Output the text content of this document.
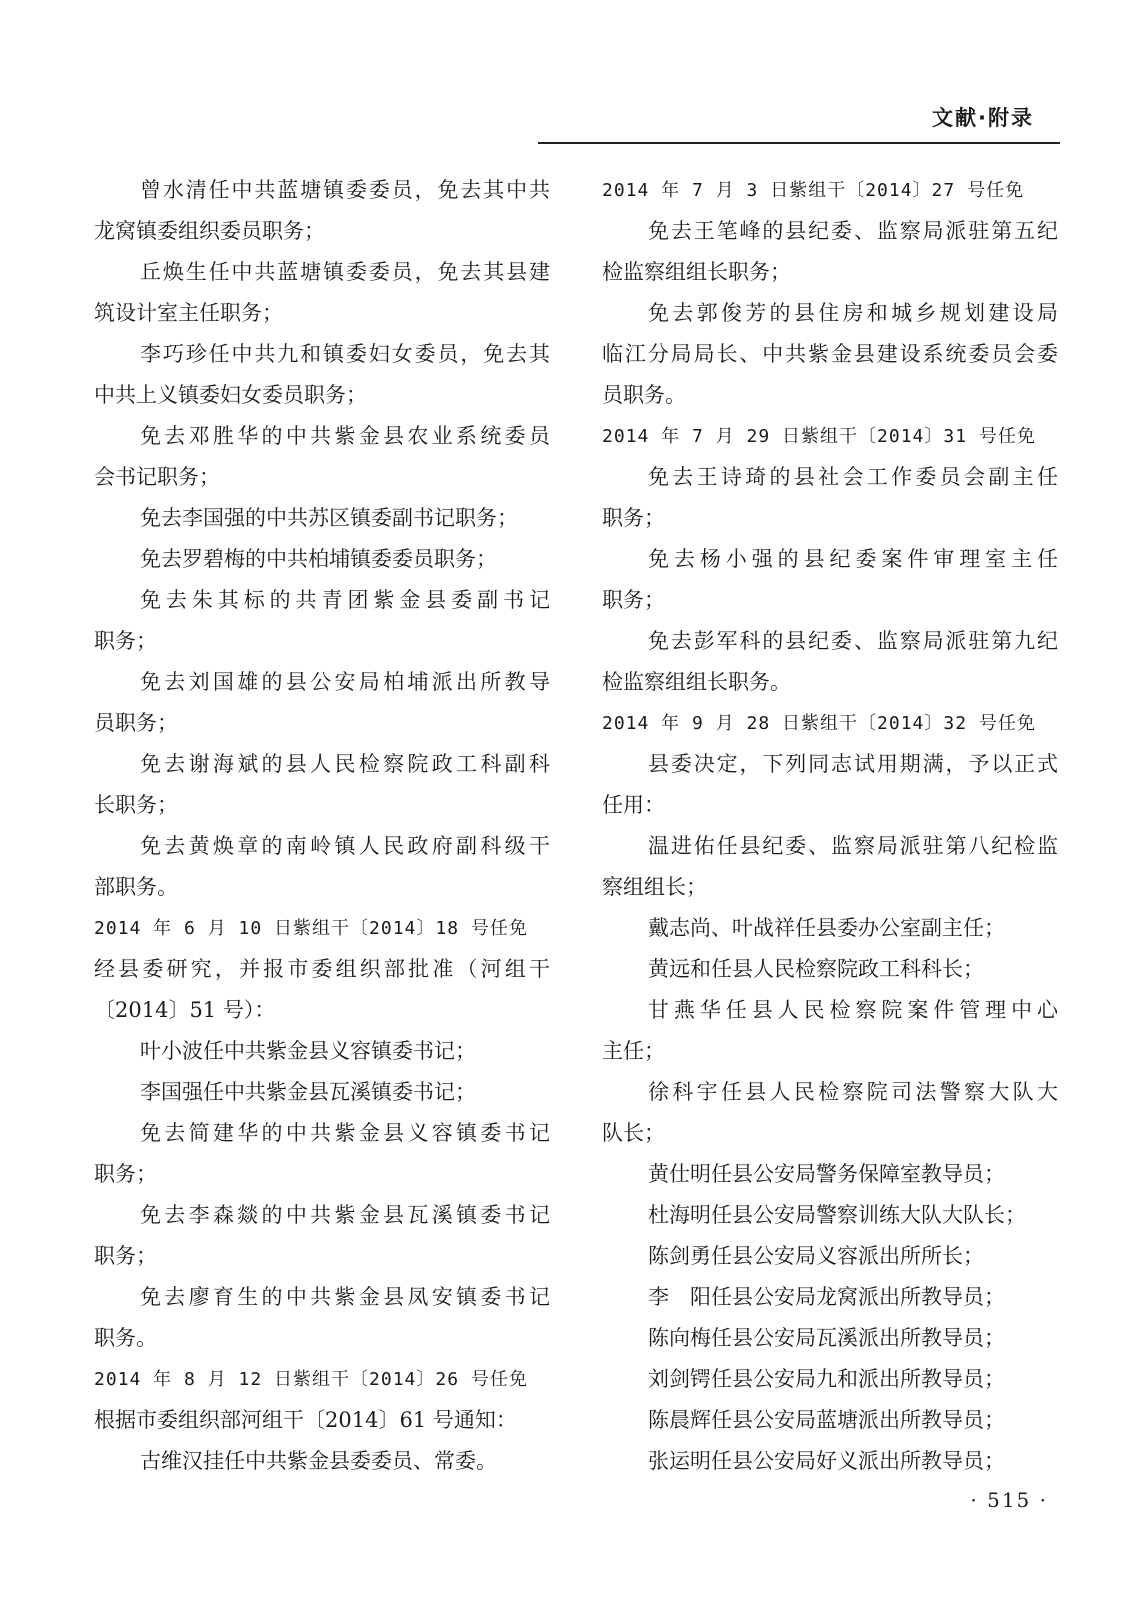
文献·附录
曾水清任中共蓝塘镇委委员，免去其中共
龙窝镇委组织委员职务；
丘焕生任中共蓝塘镇委委员，免去其县建
筑设计室主任职务；
李巧珍任中共九和镇委妇女委员，免去其
中共上义镇委妇女委员职务；
免去邓胜华的中共紫金县农业系统委员
会书记职务；
免去李国强的中共苏区镇委副书记职务；
免去罗碧梅的中共柏埔镇委委员职务；
免去朱其标的共青团紫金县委副书记
职务；
免去刘国雄的县公安局柏埔派出所教导
员职务；
免去谢海斌的县人民检察院政工科副科
长职务；
免去黄焕章的南岭镇人民政府副科级干
部职务。
2014 年 6 月 10 日紫组干〔2014〕18 号任免
经县委研究，并报市委组织部批准（河组干
〔2014〕51 号）：
叶小波任中共紫金县义容镇委书记；
李国强任中共紫金县瓦溪镇委书记；
免去简建华的中共紫金县义容镇委书记
职务；
免去李森燚的中共紫金县瓦溪镇委书记
职务；
免去廖育生的中共紫金县凤安镇委书记
职务。
2014 年 8 月 12 日紫组干〔2014〕26 号任免
根据市委组织部河组干〔2014〕61 号通知：
古维汉挂任中共紫金县委委员、常委。
2014 年 7 月 3 日紫组干〔2014〕27 号任免
免去王笔峰的县纪委、监察局派驻第五纪
检监察组组长职务；
免去郭俊芳的县住房和城乡规划建设局
临江分局局长、中共紫金县建设系统委员会委
员职务。
2014 年 7 月 29 日紫组干〔2014〕31 号任免
免去王诗琦的县社会工作委员会副主任
职务；
免去杨小强的县纪委案件审理室主任
职务；
免去彭军科的县纪委、监察局派驻第九纪
检监察组组长职务。
2014 年 9 月 28 日紫组干〔2014〕32 号任免
县委决定，下列同志试用期满，予以正式
任用：
温进佑任县纪委、监察局派驻第八纪检监
察组组长；
戴志尚、叶战祥任县委办公室副主任；
黄远和任县人民检察院政工科科长；
甘燕华任县人民检察院案件管理中心
主任；
徐科宇任县人民检察院司法警察大队大
队长；
黄仕明任县公安局警务保障室教导员；
杜海明任县公安局警察训练大队大队长；
陈剑勇任县公安局义容派出所所长；
李　阳任县公安局龙窝派出所教导员；
陈向梅任县公安局瓦溪派出所教导员；
刘剑锷任县公安局九和派出所教导员；
陈晨辉任县公安局蓝塘派出所教导员；
张运明任县公安局好义派出所教导员；
· 515 ·
